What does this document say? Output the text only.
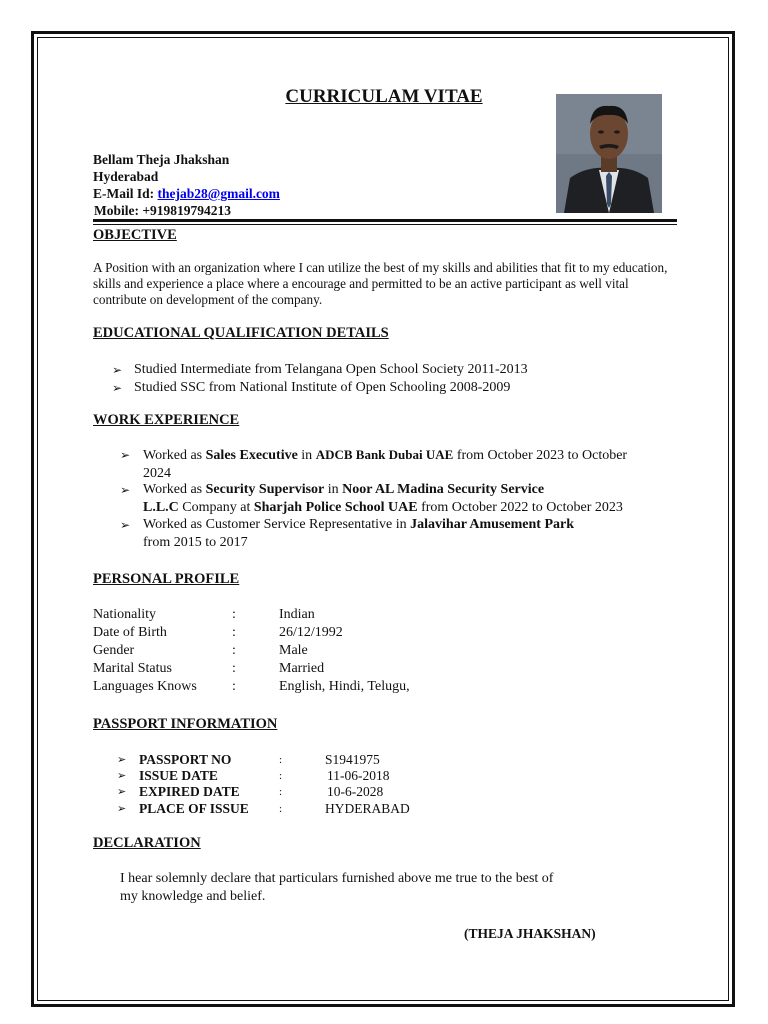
CURRICULAM VITAE
Bellam Theja Jhakshan
Hyderabad
E-Mail Id: thejab28@gmail.com
Mobile: +919819794213
OBJECTIVE
A Position with an organization where I can utilize the best of my skills and abilities that fit to my education, skills and experience a place where a encourage and permitted to be an active participant as well vital contribute on development of the company.
EDUCATIONAL QUALIFICATION DETAILS
➢ Studied Intermediate from Telangana Open School Society 2011-2013
➢ Studied SSC from National Institute of Open Schooling 2008-2009
WORK EXPERIENCE
➢ Worked as Sales Executive in ADCB Bank Dubai UAE from October 2023 to October
2024
➢ Worked as Security Supervisor in Noor AL Madina Security Service
L.L.C Company at Sharjah Police School UAE from October 2022 to October 2023
➢ Worked as Customer Service Representative in Jalavihar Amusement Park
from 2015 to 2017
PERSONAL PROFILE
Nationality	:	Indian
Date of Birth	:	26/12/1992
Gender	:	Male
Marital Status	:	Married
Languages Knows	:	English, Hindi, Telugu,
PASSPORT INFORMATION
➢ PASSPORT NO	:	S1941975
➢ ISSUE DATE	:	11-06-2018
➢ EXPIRED DATE	:	10-6-2028
➢ PLACE OF ISSUE	:	HYDERABAD
DECLARATION
I hear solemnly declare that particulars furnished above me true to the best of
my knowledge and belief.
(THEJA JHAKSHAN)
